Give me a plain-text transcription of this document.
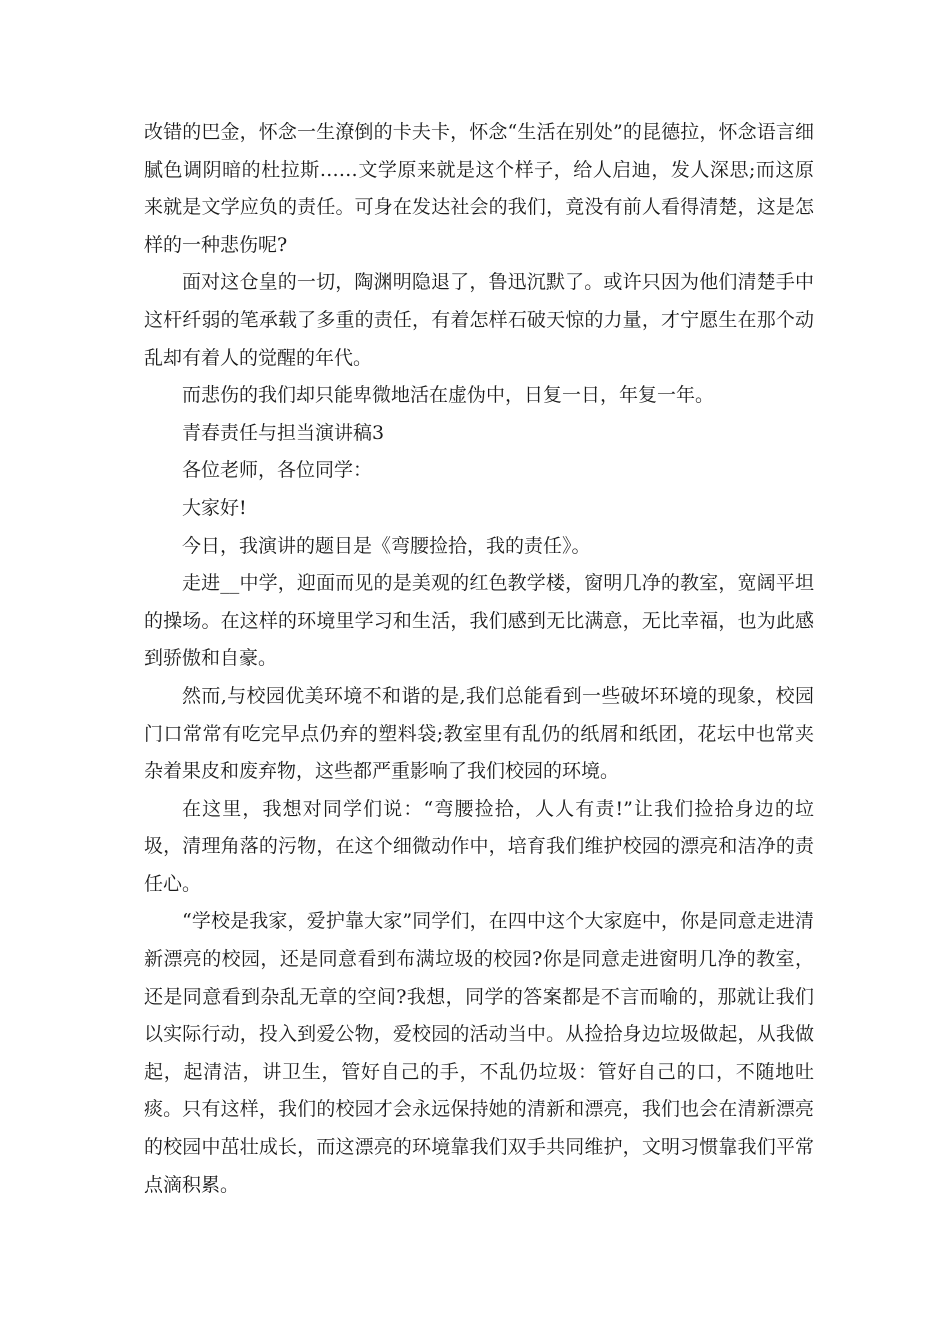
改错的巴金，怀念一生潦倒的卡夫卡，怀念“生活在别处”的昆德拉，怀念语言细腻色调阴暗的杜拉斯……文学原来就是这个样子，给人启迪，发人深思;而这原来就是文学应负的责任。可身在发达社会的我们，竟没有前人看得清楚，这是怎样的一种悲伤呢?

面对这仓皇的一切，陶渊明隐退了，鲁迅沉默了。或许只因为他们清楚手中这杆纤弱的笔承载了多重的责任，有着怎样石破天惊的力量，才宁愿生在那个动乱却有着人的觉醒的年代。

而悲伤的我们却只能卑微地活在虚伪中，日复一日，年复一年。

青春责任与担当演讲稿3

各位老师，各位同学：

大家好!

今日，我演讲的题目是《弯腰捡拾，我的责任》。

走进__中学，迎面而见的是美观的红色教学楼，窗明几净的教室，宽阔平坦的操场。在这样的环境里学习和生活，我们感到无比满意，无比幸福，也为此感到骄傲和自豪。

然而,与校园优美环境不和谐的是,我们总能看到一些破坏环境的现象，校园门口常常有吃完早点仍弃的塑料袋;教室里有乱仍的纸屑和纸团，花坛中也常夹杂着果皮和废弃物，这些都严重影响了我们校园的环境。

在这里，我想对同学们说：“弯腰捡拾，人人有责!”让我们捡拾身边的垃圾，清理角落的污物，在这个细微动作中，培育我们维护校园的漂亮和洁净的责任心。

“学校是我家，爱护靠大家”同学们，在四中这个大家庭中，你是同意走进清新漂亮的校园，还是同意看到布满垃圾的校园?你是同意走进窗明几净的教室，还是同意看到杂乱无章的空间?我想，同学的答案都是不言而喻的，那就让我们以实际行动，投入到爱公物，爱校园的活动当中。从捡拾身边垃圾做起，从我做起，起清洁，讲卫生，管好自己的手，不乱仍垃圾：管好自己的口，不随地吐痰。只有这样，我们的校园才会永远保持她的清新和漂亮，我们也会在清新漂亮的校园中茁壮成长，而这漂亮的环境靠我们双手共同维护，文明习惯靠我们平常点滴积累。
